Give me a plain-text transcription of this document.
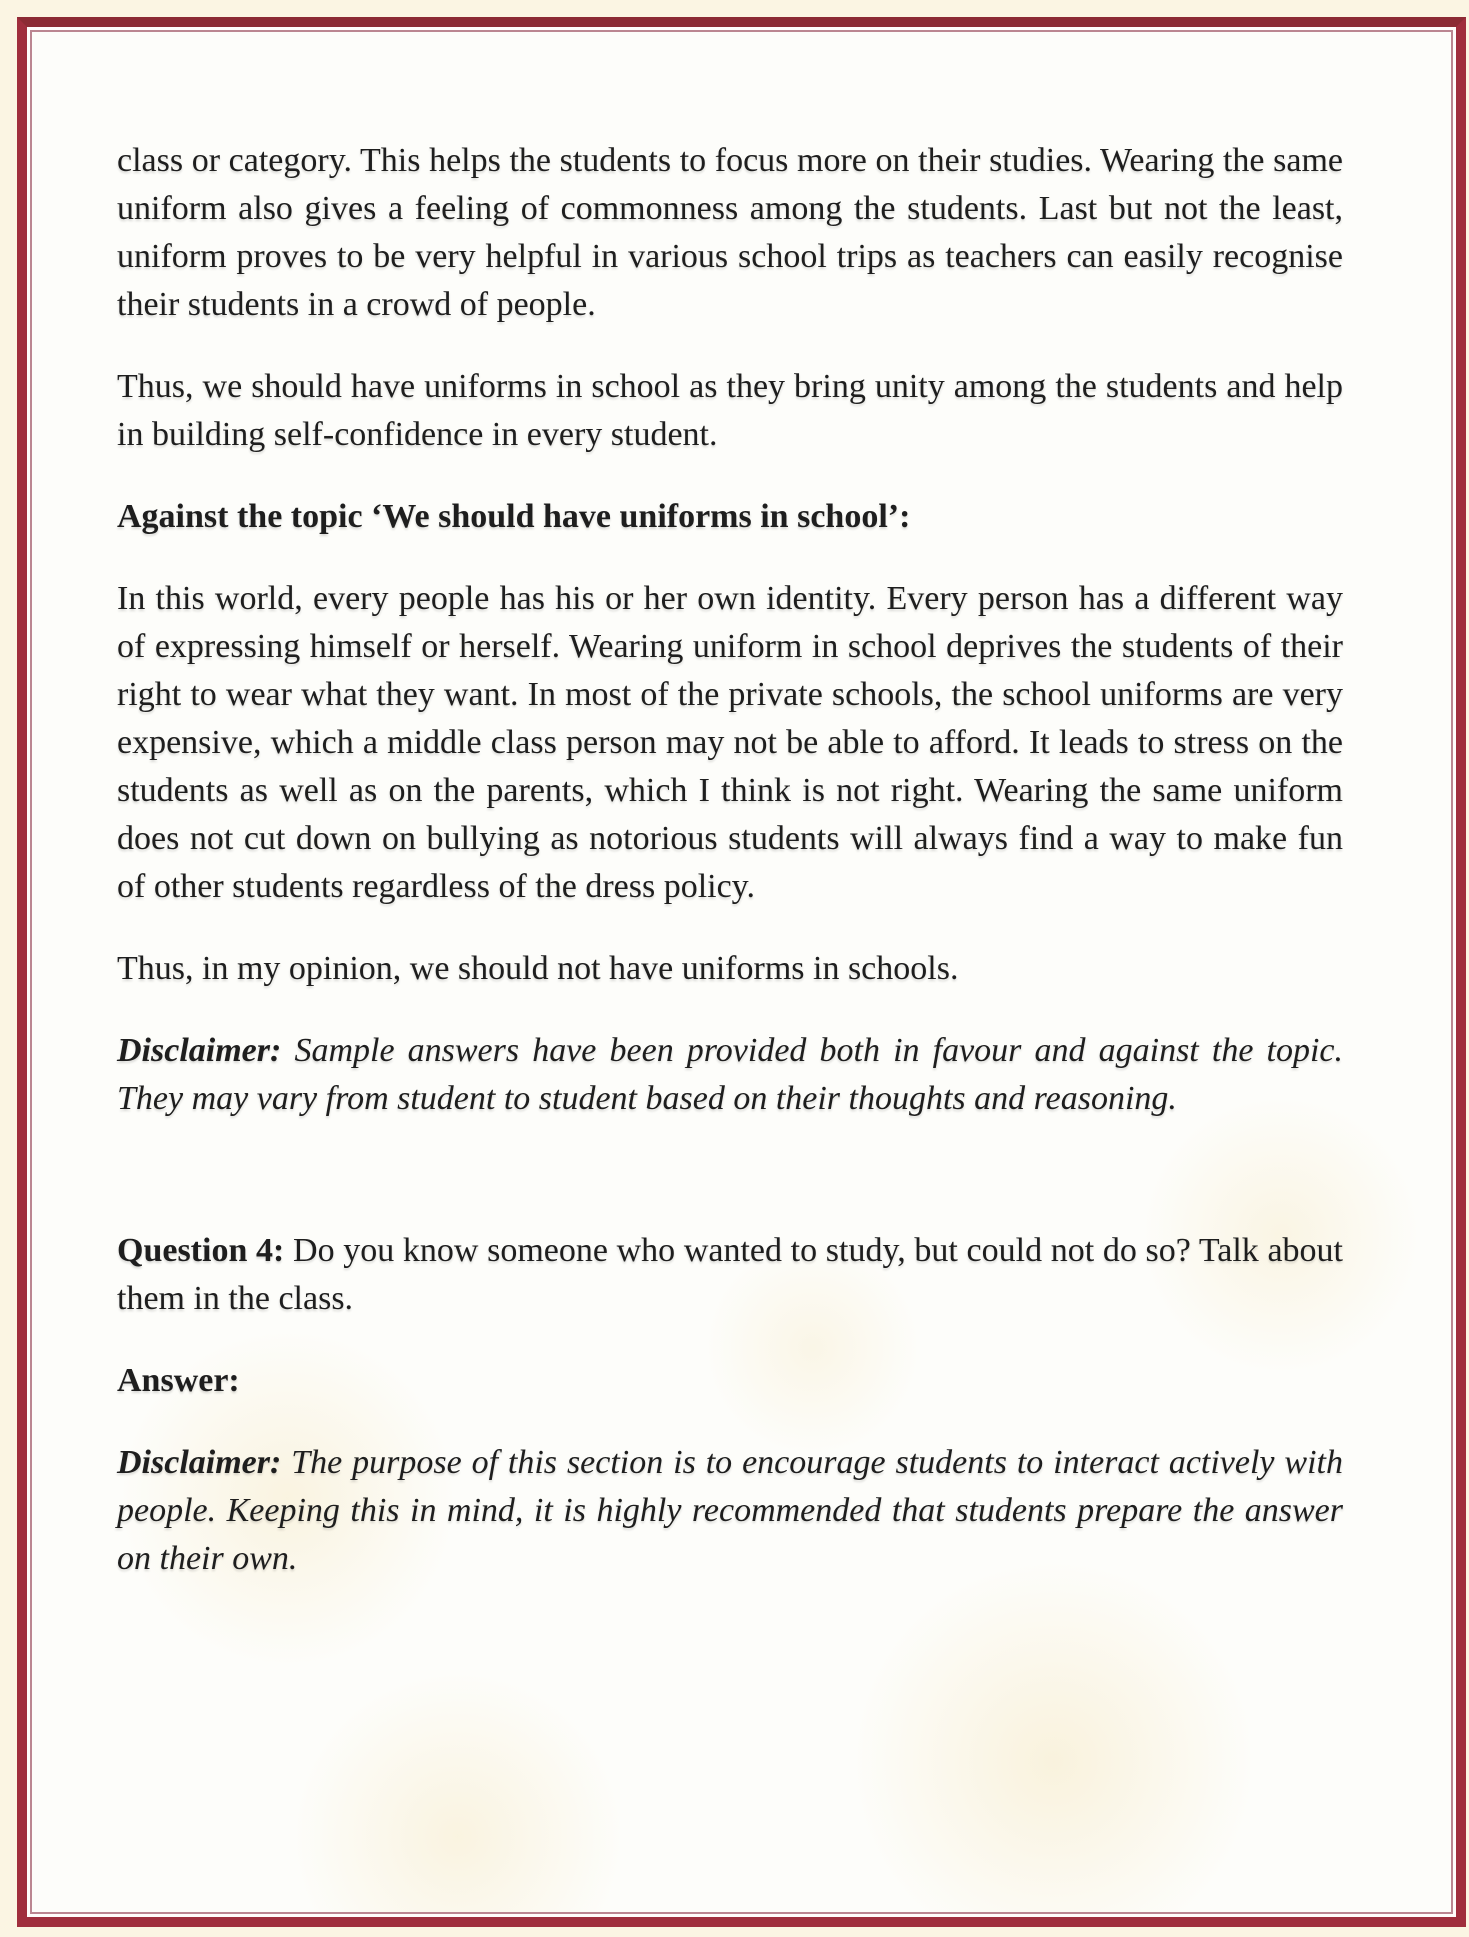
class or category. This helps the students to focus more on their studies. Wearing the same uniform also gives a feeling of commonness among the students. Last but not the least, uniform proves to be very helpful in various school trips as teachers can easily recognise their students in a crowd of people.

Thus, we should have uniforms in school as they bring unity among the students and help in building self-confidence in every student.

Against the topic ‘We should have uniforms in school’:

In this world, every people has his or her own identity. Every person has a different way of expressing himself or herself. Wearing uniform in school deprives the students of their right to wear what they want. In most of the private schools, the school uniforms are very expensive, which a middle class person may not be able to afford. It leads to stress on the students as well as on the parents, which I think is not right. Wearing the same uniform does not cut down on bullying as notorious students will always find a way to make fun of other students regardless of the dress policy.

Thus, in my opinion, we should not have uniforms in schools.

Disclaimer: Sample answers have been provided both in favour and against the topic. They may vary from student to student based on their thoughts and reasoning.

Question 4: Do you know someone who wanted to study, but could not do so? Talk about them in the class.

Answer:

Disclaimer: The purpose of this section is to encourage students to interact actively with people. Keeping this in mind, it is highly recommended that students prepare the answer on their own.
